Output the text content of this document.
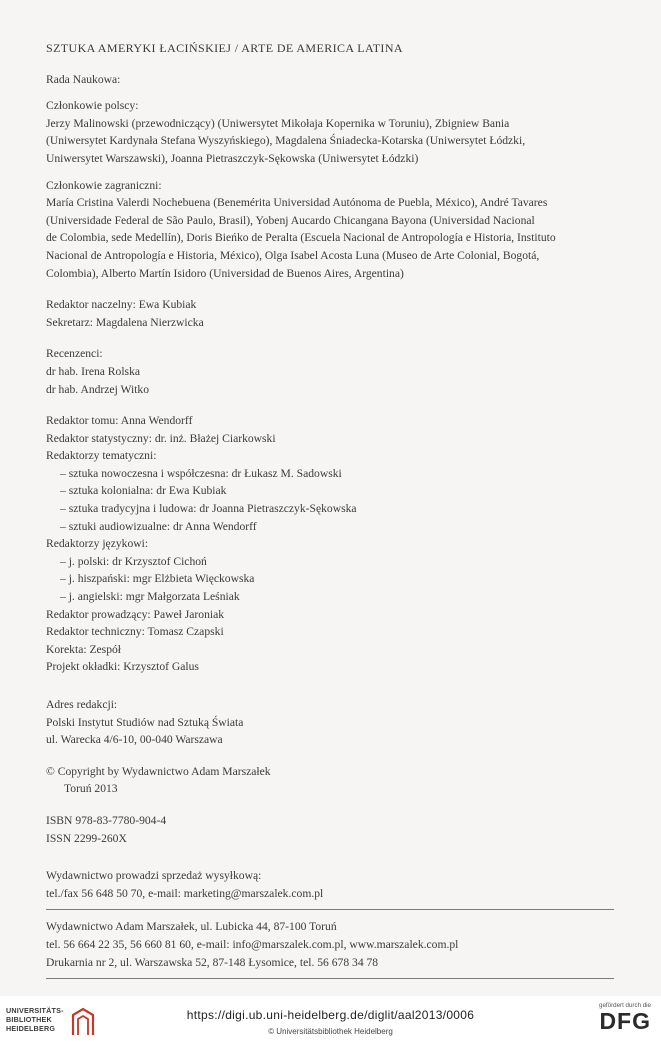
SZTUKA AMERYKI ŁACIŃSKIEJ / ARTE DE AMERICA LATINA
Rada Naukowa:
Członkowie polscy:
Jerzy Malinowski (przewodniczący) (Uniwersytet Mikołaja Kopernika w Toruniu), Zbigniew Bania
(Uniwersytet Kardynała Stefana Wyszyńskiego), Magdalena Śniadecka-Kotarska (Uniwersytet Łódzki,
Uniwersytet Warszawski), Joanna Pietraszczyk-Sękowska (Uniwersytet Łódzki)
Członkowie zagraniczni:
María Cristina Valerdi Nochebuena (Benemérita Universidad Autónoma de Puebla, México), André Tavares
(Universidade Federal de São Paulo, Brasil), Yobenj Aucardo Chicangana Bayona (Universidad Nacional
de Colombia, sede Medellín), Doris Bieńko de Peralta (Escuela Nacional de Antropología e Historia, Instituto
Nacional de Antropología e Historia, México), Olga Isabel Acosta Luna (Museo de Arte Colonial, Bogotá,
Colombia), Alberto Martín Isidoro (Universidad de Buenos Aires, Argentina)
Redaktor naczelny: Ewa Kubiak
Sekretarz: Magdalena Nierzwicka
Recenzenci:
dr hab. Irena Rolska
dr hab. Andrzej Witko
Redaktor tomu: Anna Wendorff
Redaktor statystyczny: dr. inż. Błażej Ciarkowski
Redaktorzy tematyczni:
– sztuka nowoczesna i współczesna: dr Łukasz M. Sadowski
– sztuka kolonialna: dr Ewa Kubiak
– sztuka tradycyjna i ludowa: dr Joanna Pietraszczyk-Sękowska
– sztuki audiowizualne: dr Anna Wendorff
Redaktorzy językowi:
– j. polski: dr Krzysztof Cichoń
– j. hiszpański: mgr Elżbieta Więckowska
– j. angielski: mgr Małgorzata Leśniak
Redaktor prowadzący: Paweł Jaroniak
Redaktor techniczny: Tomasz Czapski
Korekta: Zespół
Projekt okładki: Krzysztof Galus
Adres redakcji:
Polski Instytut Studiów nad Sztuką Świata
ul. Warecka 4/6-10, 00-040 Warszawa
© Copyright by Wydawnictwo Adam Marszałek
Toruń 2013
ISBN 978-83-7780-904-4
ISSN 2299-260X
Wydawnictwo prowadzi sprzedaż wysyłkową:
tel./fax 56 648 50 70, e-mail: marketing@marszalek.com.pl
Wydawnictwo Adam Marszałek, ul. Lubicka 44, 87-100 Toruń
tel. 56 664 22 35, 56 660 81 60, e-mail: info@marszalek.com.pl, www.marszalek.com.pl
Drukarnia nr 2, ul. Warszawska 52, 87-148 Łysomice, tel. 56 678 34 78
UNIVERSITÄTS-
BIBLIOTHEK
HEIDELBERG
https://digi.ub.uni-heidelberg.de/diglit/aal2013/0006
© Universitätsbibliothek Heidelberg
gefördert durch die
DFG
